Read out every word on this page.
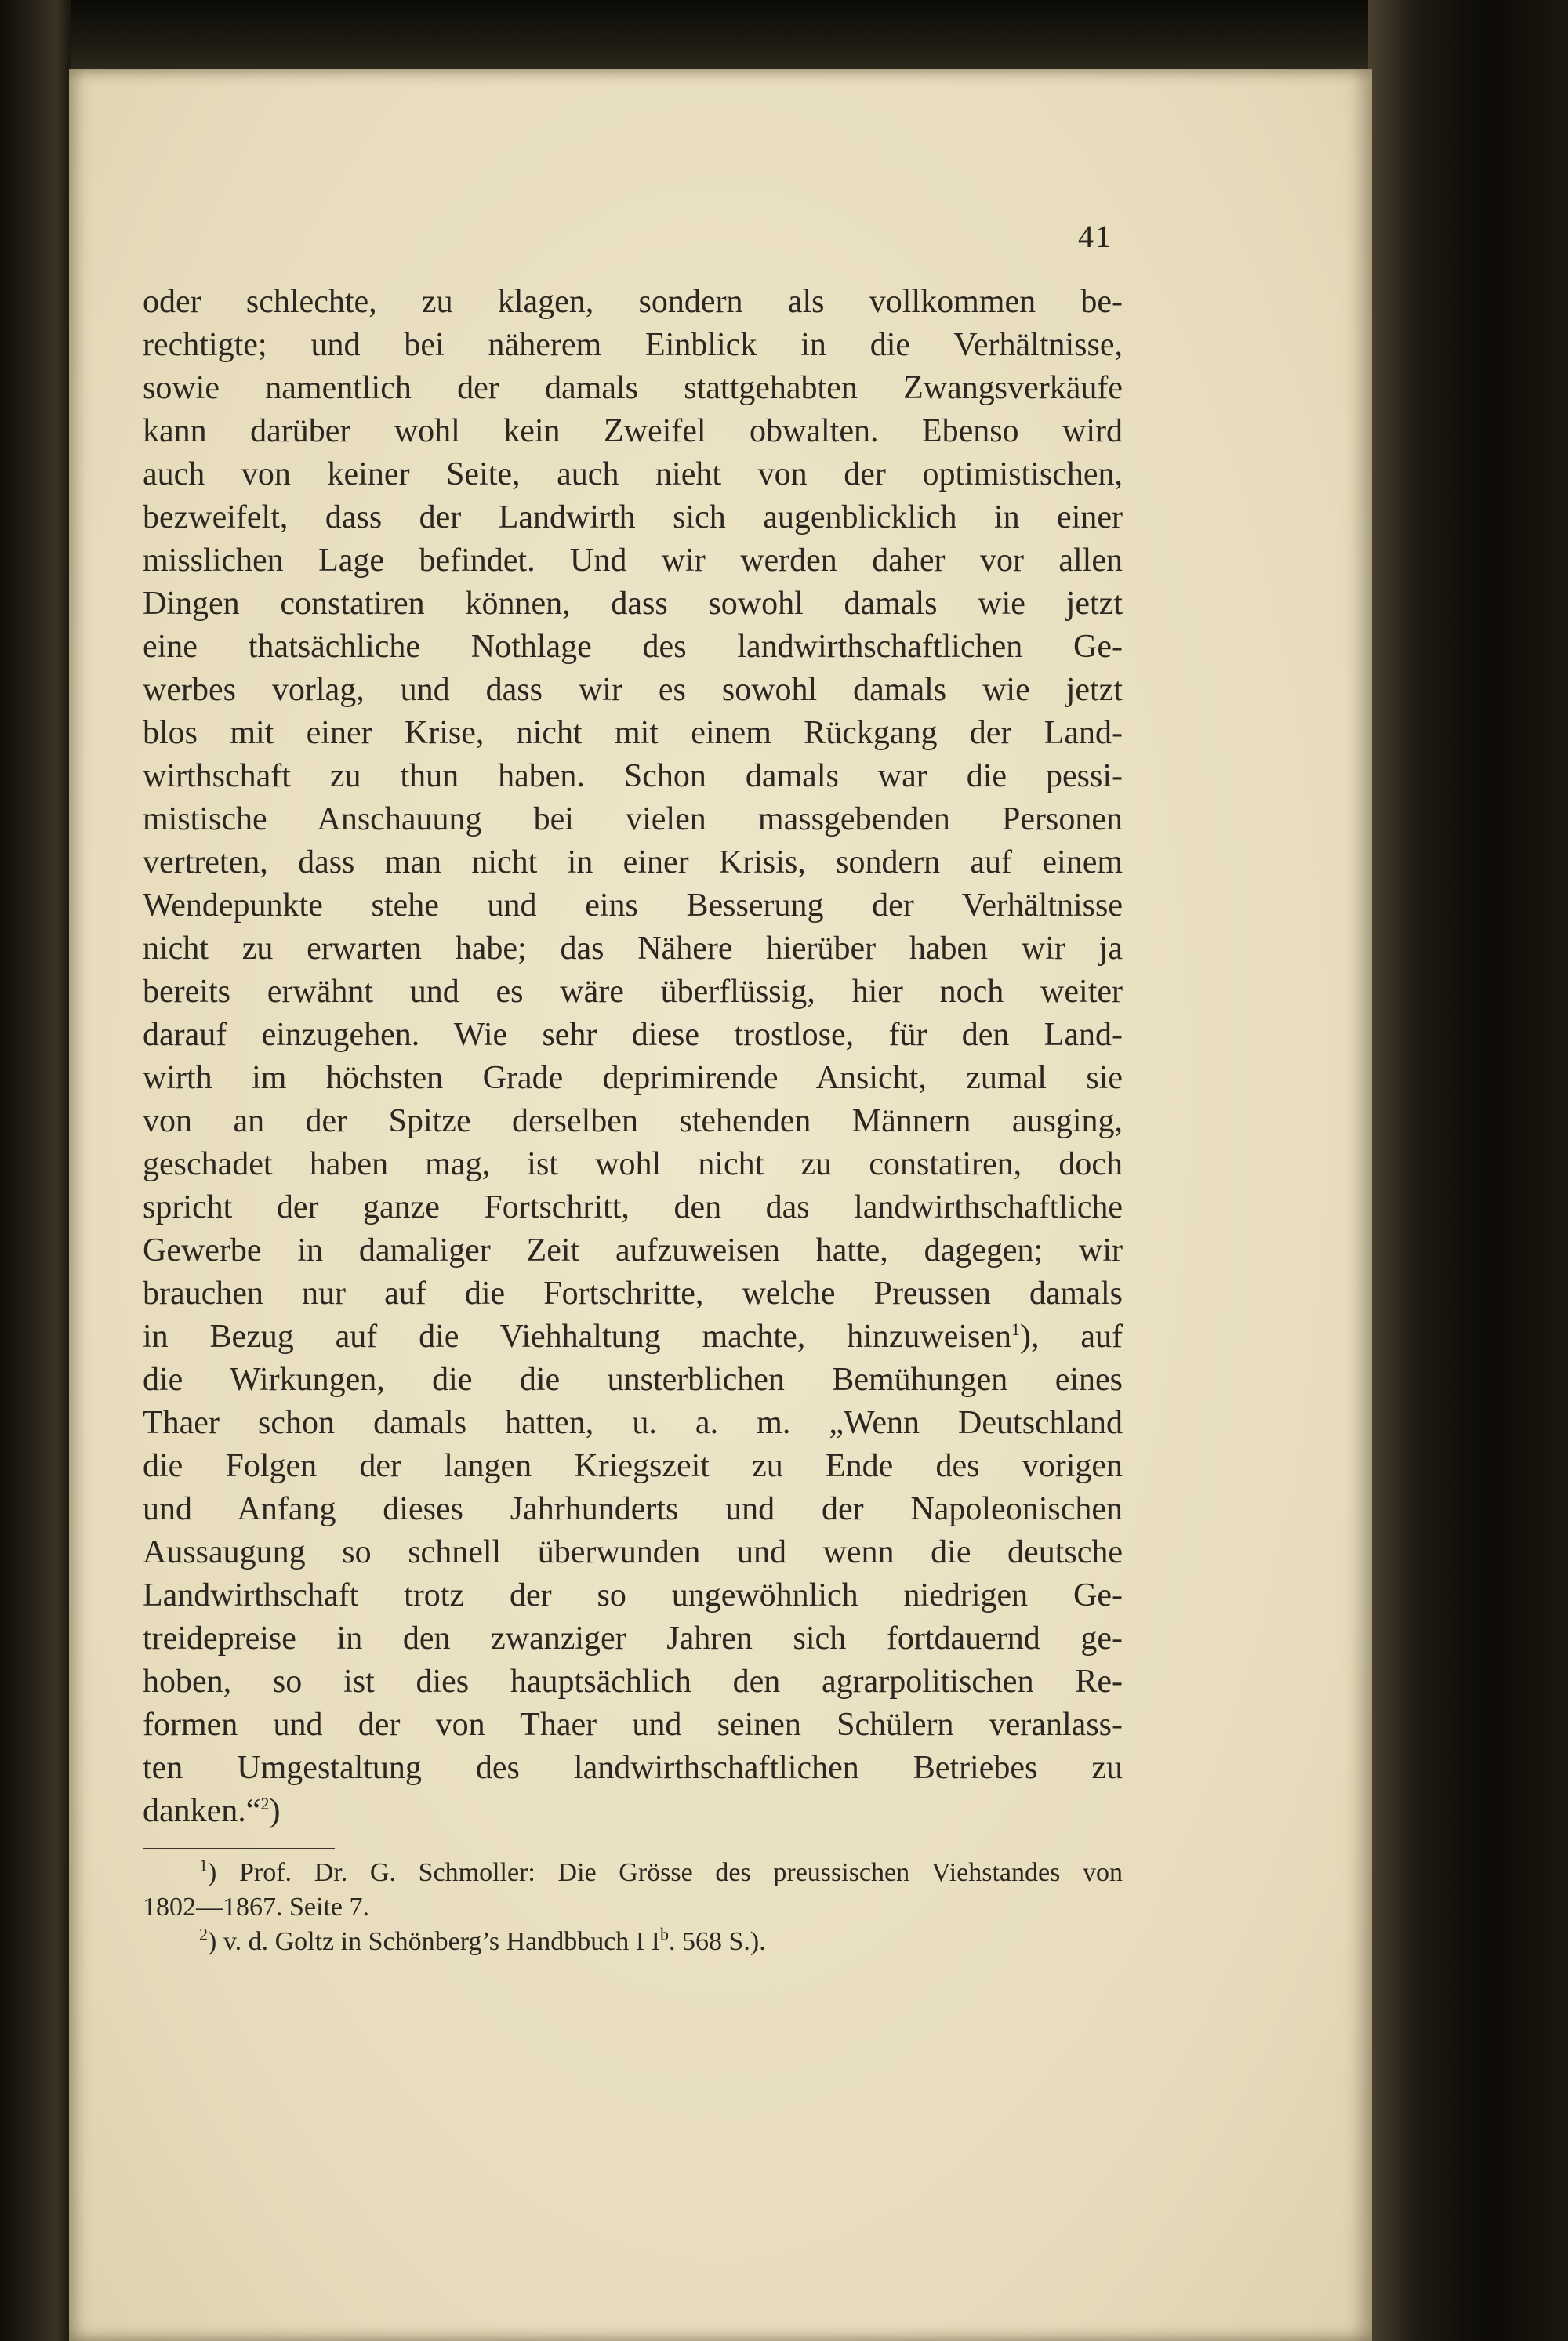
41
oder schlechte, zu klagen, sondern als vollkommen be-
rechtigte; und bei näherem Einblick in die Verhältnisse,
sowie namentlich der damals stattgehabten Zwangsverkäufe
kann darüber wohl kein Zweifel obwalten. Ebenso wird
auch von keiner Seite, auch nieht von der optimistischen,
bezweifelt, dass der Landwirth sich augenblicklich in einer
misslichen Lage befindet. Und wir werden daher vor allen
Dingen constatiren können, dass sowohl damals wie jetzt
eine thatsächliche Nothlage des landwirthschaftlichen Ge-
werbes vorlag, und dass wir es sowohl damals wie jetzt
blos mit einer Krise, nicht mit einem Rückgang der Land-
wirthschaft zu thun haben. Schon damals war die pessi-
mistische Anschauung bei vielen massgebenden Personen
vertreten, dass man nicht in einer Krisis, sondern auf einem
Wendepunkte stehe und eins Besserung der Verhältnisse
nicht zu erwarten habe; das Nähere hierüber haben wir ja
bereits erwähnt und es wäre überflüssig, hier noch weiter
darauf einzugehen. Wie sehr diese trostlose, für den Land-
wirth im höchsten Grade deprimirende Ansicht, zumal sie
von an der Spitze derselben stehenden Männern ausging,
geschadet haben mag, ist wohl nicht zu constatiren, doch
spricht der ganze Fortschritt, den das landwirthschaftliche
Gewerbe in damaliger Zeit aufzuweisen hatte, dagegen; wir
brauchen nur auf die Fortschritte, welche Preussen damals
in Bezug auf die Viehhaltung machte, hinzuweisen$^1$), auf
die Wirkungen, die die unsterblichen Bemühungen eines
Thaer schon damals hatten, u. a. m. „Wenn Deutschland
die Folgen der langen Kriegszeit zu Ende des vorigen
und Anfang dieses Jahrhunderts und der Napoleonischen
Aussaugung so schnell überwunden und wenn die deutsche
Landwirthschaft trotz der so ungewöhnlich niedrigen Ge-
treidepreise in den zwanziger Jahren sich fortdauernd ge-
hoben, so ist dies hauptsächlich den agrarpolitischen Re-
formen und der von Thaer und seinen Schülern veranlass-
ten Umgestaltung des landwirthschaftlichen Betriebes zu
danken.“$^2$)
$^1$) Prof. Dr. G. Schmoller: Die Grösse des preussischen Viehstandes von
1802—1867. Seite 7.
$^2$) v. d. Goltz in Schönberg’s Handbbuch I $I^b$. 568 S.).
